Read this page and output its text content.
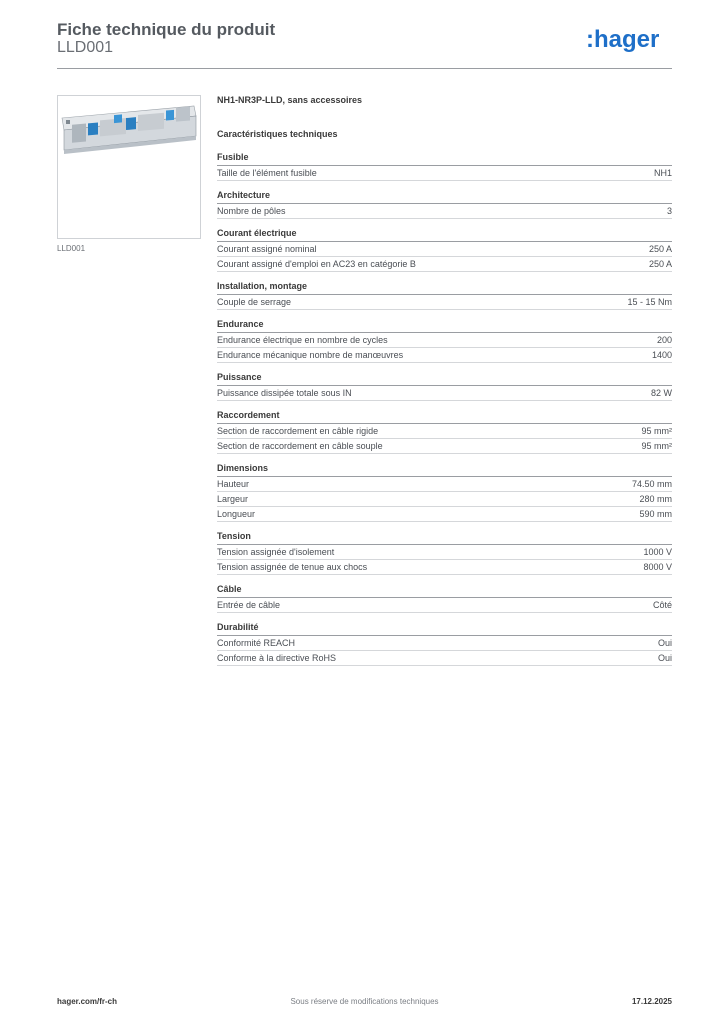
Fiche technique du produit
LLD001	:hager
LLD001
NH1-NR3P-LLD, sans accessoires
Caractéristiques techniques
Fusible
Taille de l'élément fusible	NH1
Architecture
Nombre de pôles	3
Courant électrique
Courant assigné nominal	250 A
Courant assigné d'emploi en AC23 en catégorie B	250 A
Installation, montage
Couple de serrage	15 - 15 Nm
Endurance
Endurance électrique en nombre de cycles	200
Endurance mécanique nombre de manœuvres	1400
Puissance
Puissance dissipée totale sous IN	82 W
Raccordement
Section de raccordement en câble rigide	95 mm²
Section de raccordement en câble souple	95 mm²
Dimensions
Hauteur	74.50 mm
Largeur	280 mm
Longueur	590 mm
Tension
Tension assignée d'isolement	1000 V
Tension assignée de tenue aux chocs	8000 V
Câble
Entrée de câble	Côté
Durabilité
Conformité REACH	Oui
Conforme à la directive RoHS	Oui
Sous réserve de modifications techniques
hager.com/fr-ch	17.12.2025
